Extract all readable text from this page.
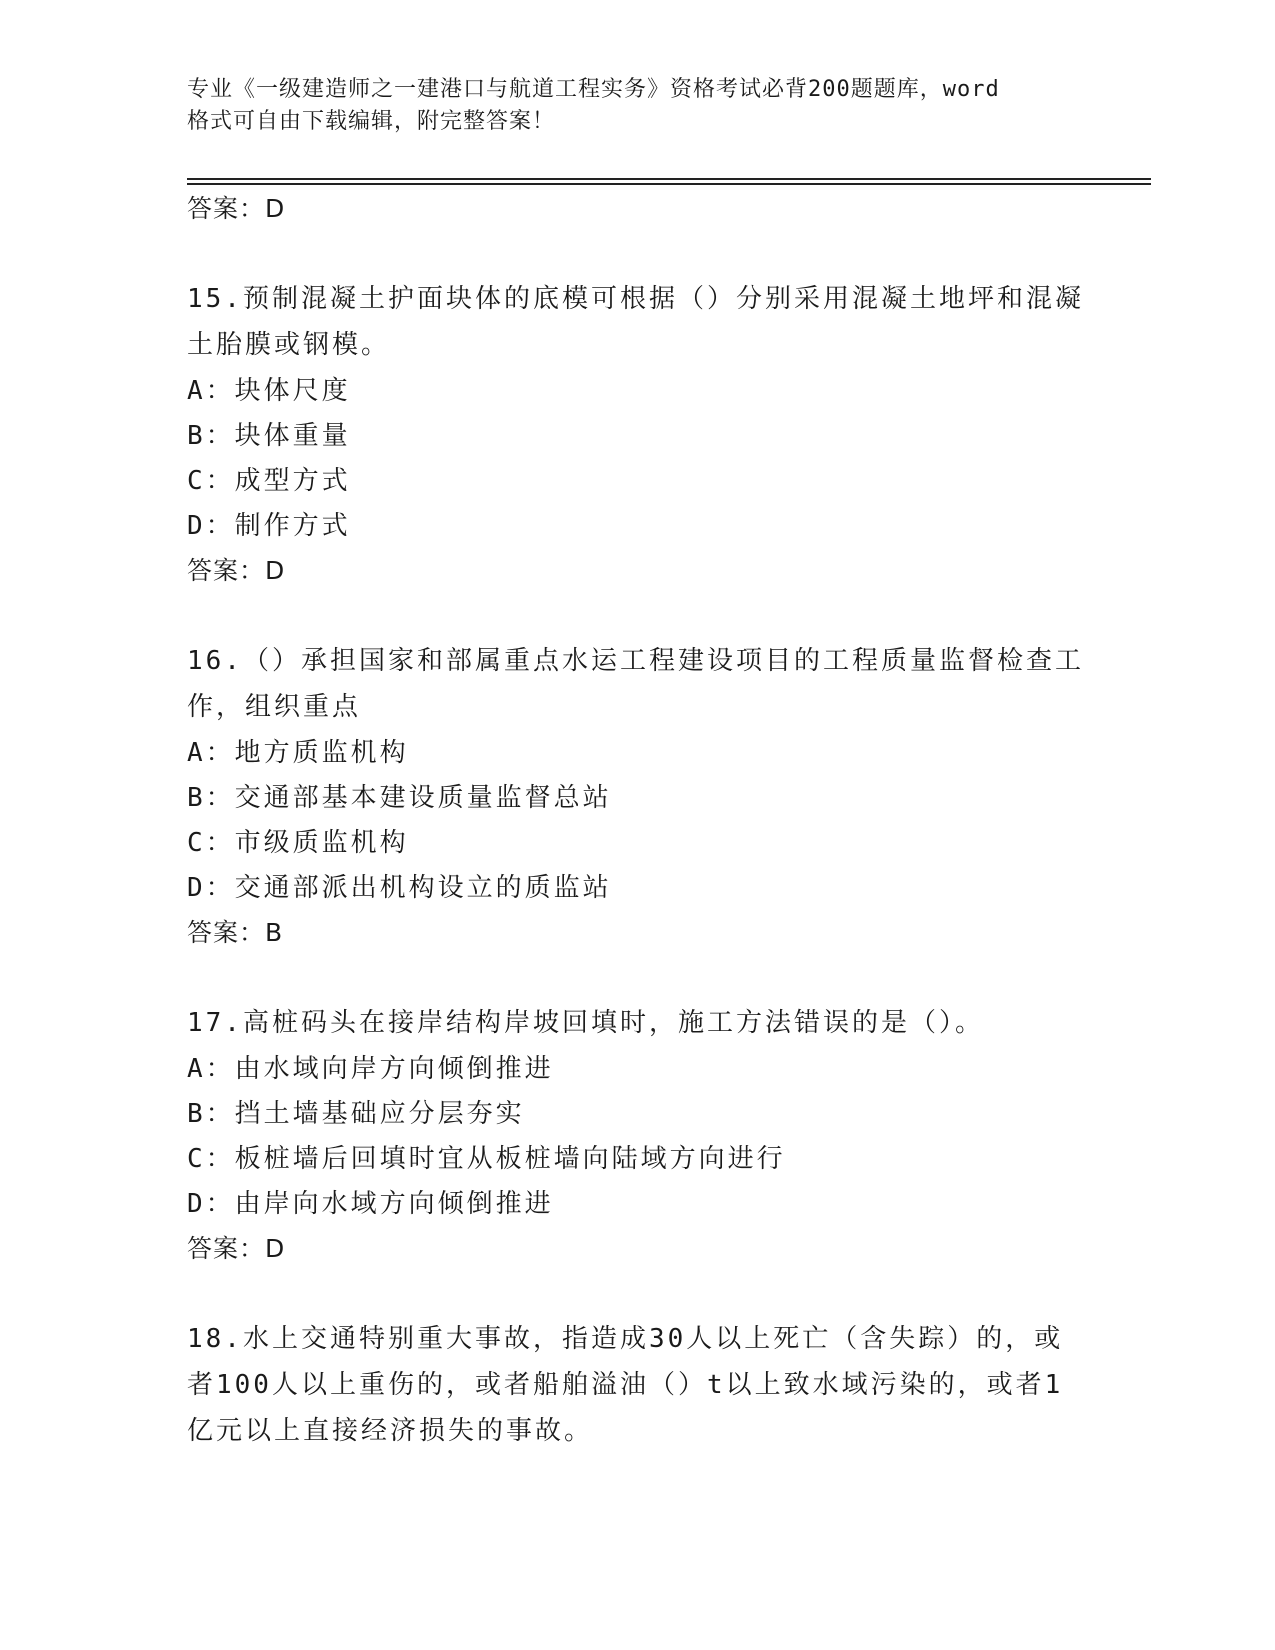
专业《一级建造师之一建港口与航道工程实务》资格考试必背200题题库，word
格式可自由下载编辑，附完整答案！
答案：D
15.预制混凝土护面块体的底模可根据（）分别采用混凝土地坪和混凝
土胎膜或钢模。
A：块体尺度
B：块体重量
C：成型方式
D：制作方式
答案：D
16.（）承担国家和部属重点水运工程建设项目的工程质量监督检查工
作，组织重点
A：地方质监机构
B：交通部基本建设质量监督总站
C：市级质监机构
D：交通部派出机构设立的质监站
答案：B
17.高桩码头在接岸结构岸坡回填时，施工方法错误的是（）。
A：由水域向岸方向倾倒推进
B：挡土墙基础应分层夯实
C：板桩墙后回填时宜从板桩墙向陆域方向进行
D：由岸向水域方向倾倒推进
答案：D
18.水上交通特别重大事故，指造成30人以上死亡（含失踪）的，或
者100人以上重伤的，或者船舶溢油（）t以上致水域污染的，或者1
亿元以上直接经济损失的事故。
